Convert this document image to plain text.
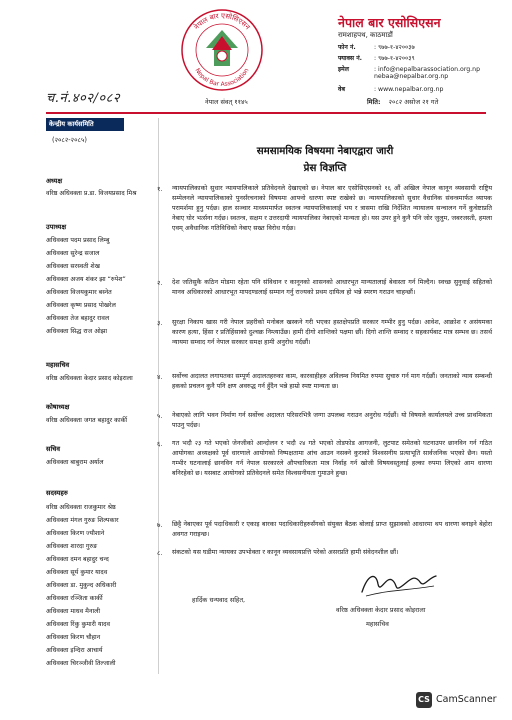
नेपाल बार एसोसिएसन
Nepal Bar Association
नेपाल बार एसोसिएसन
रामशाहपथ, काठमाडौं
फोन नं.	: ९७७-१-४२००३७
फ्याक्स नं. : ९७७-१-४२००३९
इमेल	: info@nepalbarassociation.org.np
nebaa@nepalbar.org.np
वेब	: www.nepalbar.org.np
च.नं.४०२/०८२	नेपाल संवत् ११४५	मिति: २०८२ असोज २१ गते
केन्द्रीय कार्यसमिति
(२०८२-२०८५)
अध्यक्ष
वरिष्ठ अधिवक्ता प्र.डा. विजयप्रसाद मिश्र
उपाध्यक्ष
अधिवक्ता पदम प्रसाद लिम्बु
अधिवक्ता सुरेन्द्र सजाल
अधिवक्ता सरस्वती शेख
अधिवक्ता अजय शंकर झा “रुपेश”
अधिवक्ता विजयकुमार बस्नेत
अधिवक्ता कृष्ण प्रसाद पोखरेल
अधिवक्ता तेज बहादुर रावल
अधिवक्ता सिद्ध राज ओझा
महासचिव
वरिष्ठ अधिवक्ता केदार प्रसाद कोइराला
कोषाध्यक्ष
वरिष्ठ अधिवक्ता जगत बहादुर कार्की
सचिव
अधिवक्ता बाबुराम अर्याल
सदस्यहरु
वरिष्ठ अधिवक्ता राजकुमार श्रेष्ठ
अधिवक्ता मंगल गुरुङ शिल्पकार
अधिवक्ता किरण ज्यौशाने
अधिवक्ता शारदा गुरुङ
अधिवक्ता दमन बहादुर चन्द
अधिवक्ता सूर्य कुमार यादव
अधिवक्ता डा. मुकुन्द अधिकारी
अधिवक्ता रञ्जिता कार्की
अधिवक्ता माधव मैनाली
अधिवक्ता रिंकु कुमारी यादव
अधिवक्ता किरण चौहान
अधिवक्ता इन्दिरा आचार्य
अधिवक्ता चिरञ्जीवी तिल्जाली
समसामयिक विषयमा नेबाएद्वारा जारी
प्रेस विज्ञप्ति
१. न्यायपालिकाको सुधार न्यायपालिकाले प्रतिवेदनले देखाएको छ। नेपाल बार एसोसिएसनको १६ औं अखिल नेपाल कानून व्यवसायी राष्ट्रिय सम्मेलनले न्यायपालिकाको पुनर्संरचनाको विषयमा आफ्नो धारणा स्पष्ट राखेको छ। न्यायपालिकाको सुधार वैधानिक संवन्त्रमार्फत व्यापक परामर्शमा हुनु पर्दछ। हाल सञ्चार माध्यममार्फत स्वतन्त्र न्यायपालिकालाई भय र त्रासमा राखि निर्देशित न्यायालय सन्चालन गर्ने कुचेष्टाप्रति नेबाए घोर भर्त्सना गर्दछ। स्वतन्त्र, सक्षम र उत्तरदायी न्यायपालिका नेबाएको मान्यता हो। यस उपर हुने कुनै पनि जोर जुलुम, जबरजस्ती, हमला एवम् अवैधानिक गतिविधिको नेबाए सख्त विरोध गर्दछ।
२. देश जतिसुकै कठिन मोडमा रहेता पनि संविधान र कानूनको शासनको आधारभूत मान्यतालाई बेवास्ता गर्न मिल्दैन। स्वच्छ सुनुवाई सहितको मानव अधिकारको आधारभूत मापदण्डलाई सम्मान गर्नु राज्यको प्रथम दायित्व हो भन्ने स्मरण गराउन चाहन्छौं।
३. सुरक्षा निकाय खास गरी नेपाल प्रहरीको मनोबल खस्कने गरी भएका हस्तक्षेपप्रति सरकार गम्भीर हुनु पर्दछ। आवेश, आक्रोश र असंयमका कारण हत्या, हिंसा र प्रतिहिंसाको दुश्चक्र निम्त्याउँछ। हामी दीगो शान्तिको पक्षमा छौं। दिगो शान्ति सम्वाद र सहकार्यबाट मात्र सम्भव छ। तसर्थ न्यायमा सम्वाद गर्न नेपाल सरकार समक्ष हामी अनुरोध गर्दछौं।
४. सर्वोच्च अदालत लगायतका सम्पूर्ण अदालतहरुका काम, कारवाहीहरु अविलम्व नियमित रुपमा सुचारु गर्न माग गर्दछौं। जनताको न्याय सम्बन्धी हकको प्रचलन कुनै पनि क्षण अवरुद्ध गर्न हुँदैन भन्ने हाम्रो स्पष्ट मान्यता छ।
५. नेबाएको लागि भवन निर्माण गर्न सर्वोच्च अदालत परिसरभित्रै जग्गा उपलब्ध गराउन अनुरोध गर्दछौं। यो विषयले कार्यालयले उच्च प्राथमिकता पाउनु पर्दछ।
६. गत भदौ २३ गते भएको जेनजीको आन्दोलन र भदौ २४ गते भएको तोडफोड आगजनी, लुटपाट समेतको घटनाउपर छानविन गर्न गठित आयोगका अध्यक्षको पूर्व धारणाले आयोगको निष्पक्षतामा आंच आउन नसक्ने कुराको विश्वसनीय प्रत्याभूति सार्वजनिक भएको छैन। यस्तो गम्भीर घटनालाई छानविन गर्न नेपाल सरकारले औपचारिकता मात्र निर्वाह गर्न खोजी विषयवस्तुलाई हल्का रुपमा लिएको आम धारणा बनिरहेको छ। यसबाट आयोगको प्रतिवेदनले समेत विश्वसनीयता गुमाउने हुन्छ।
७. छिट्टै नेबाएका पूर्व पदाधिकारी र एकाइ बारका पदाधिकारीहरुसँगको संयुक्त बैठक बोलाई प्राप्त सुझावको आधारमा थप धारणा बनाइने बेहोरा अवगत गराइन्छ।
८. संकटको यस घडीमा न्यायका उपभोक्ता र कानून व्यवसायप्रत्ति परेको असरप्रति हामी संवेदनशील छौं।
हार्दिक धन्यवाद सहित,
वरिष्ठ अधिवक्ता केदार प्रसाद कोइराला
महासचिव
CS CamScanner
